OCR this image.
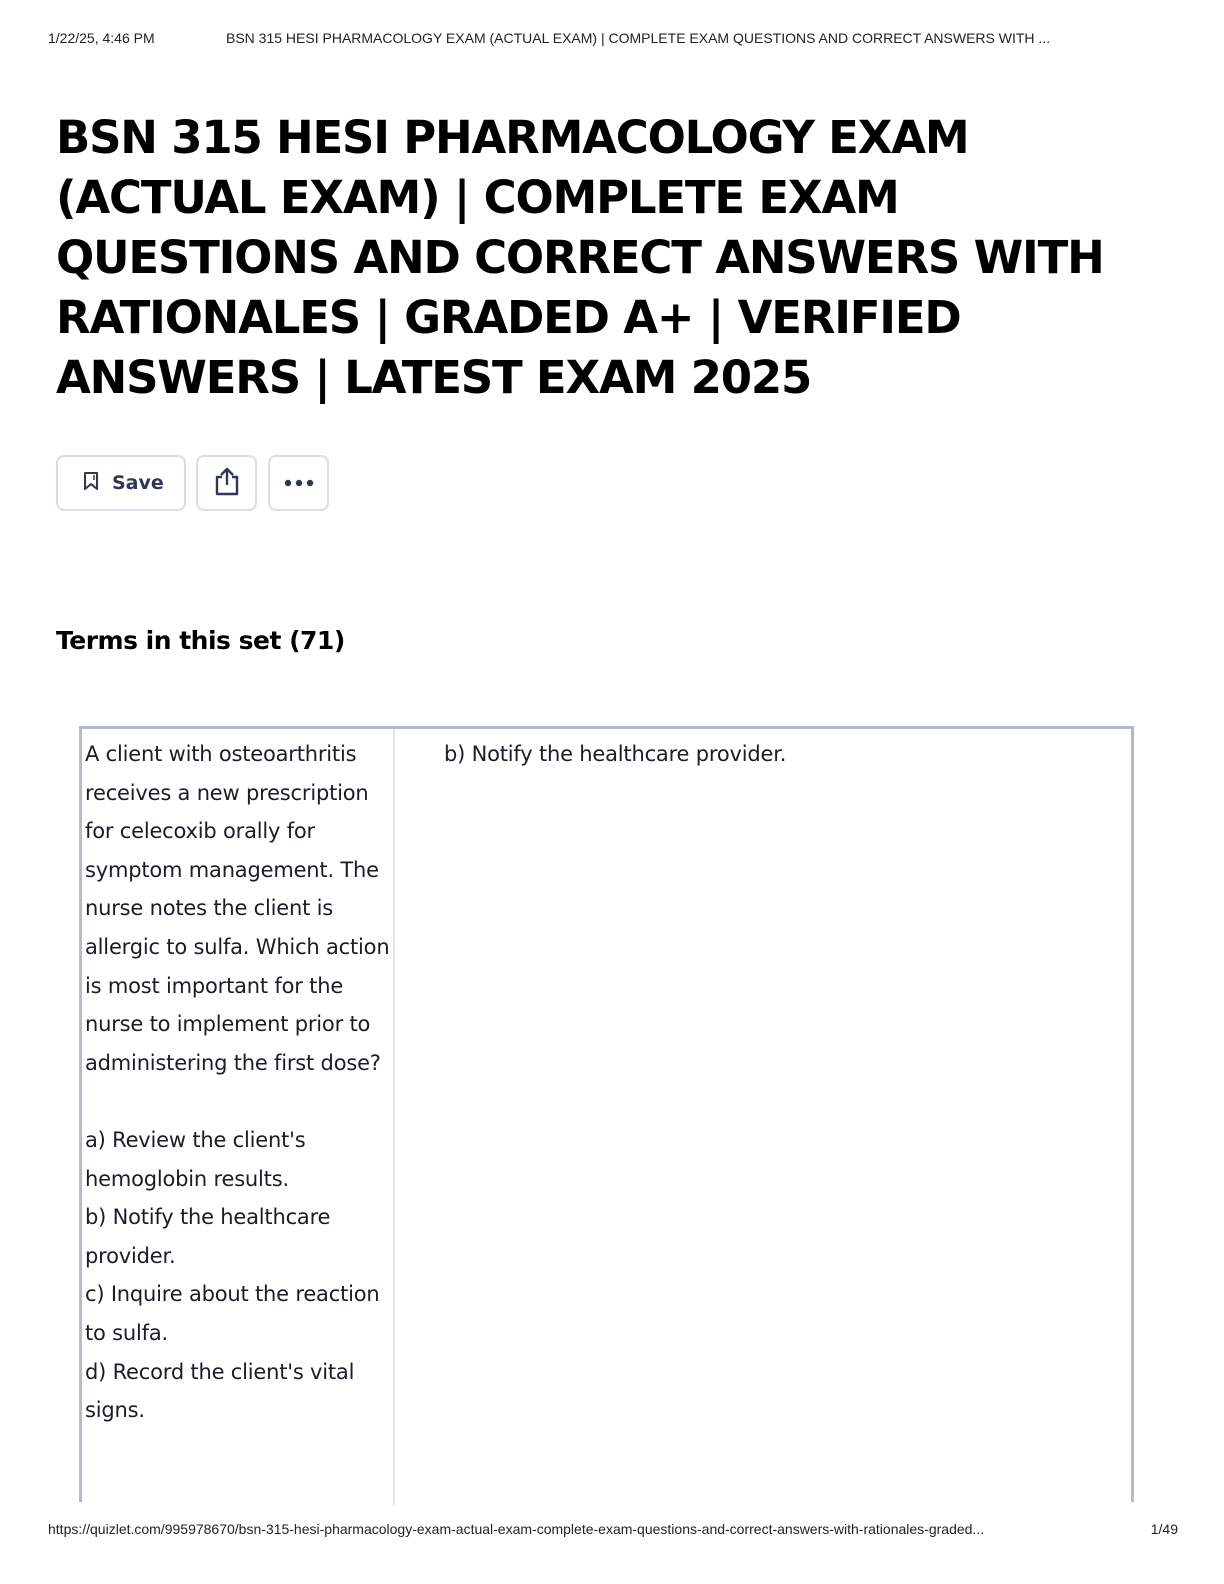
1/22/25, 4:46 PM	BSN 315 HESI PHARMACOLOGY EXAM (ACTUAL EXAM) | COMPLETE EXAM QUESTIONS AND CORRECT ANSWERS WITH ...
BSN 315 HESI PHARMACOLOGY EXAM (ACTUAL EXAM) | COMPLETE EXAM QUESTIONS AND CORRECT ANSWERS WITH RATIONALES | GRADED A+ | VERIFIED ANSWERS | LATEST EXAM 2025
Save
Terms in this set (71)
A client with osteoarthritis receives a new prescription for celecoxib orally for symptom management. The nurse notes the client is allergic to sulfa. Which action is most important for the nurse to implement prior to administering the first dose?

a) Review the client's hemoglobin results.
b) Notify the healthcare provider.
c) Inquire about the reaction to sulfa.
d) Record the client's vital signs.
b) Notify the healthcare provider.
https://quizlet.com/995978670/bsn-315-hesi-pharmacology-exam-actual-exam-complete-exam-questions-and-correct-answers-with-rationales-graded...	1/49
